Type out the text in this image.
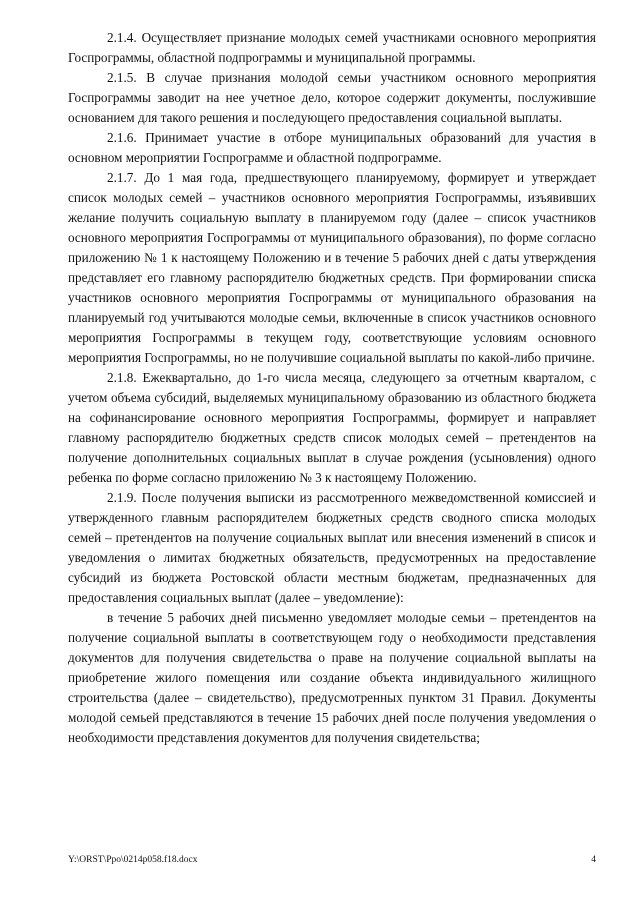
2.1.4. Осуществляет признание молодых семей участниками основного мероприятия Госпрограммы, областной подпрограммы и муниципальной программы.

2.1.5. В случае признания молодой семьи участником основного мероприятия Госпрограммы заводит на нее учетное дело, которое содержит документы, послужившие основанием для такого решения и последующего предоставления социальной выплаты.

2.1.6. Принимает участие в отборе муниципальных образований для участия в основном мероприятии Госпрограмме и областной подпрограмме.

2.1.7. До 1 мая года, предшествующего планируемому, формирует и утверждает список молодых семей – участников основного мероприятия Госпрограммы, изъявивших желание получить социальную выплату в планируемом году (далее – список участников основного мероприятия Госпрограммы от муниципального образования), по форме согласно приложению № 1 к настоящему Положению и в течение 5 рабочих дней с даты утверждения представляет его главному распорядителю бюджетных средств. При формировании списка участников основного мероприятия Госпрограммы от муниципального образования на планируемый год учитываются молодые семьи, включенные в список участников основного мероприятия Госпрограммы в текущем году, соответствующие условиям основного мероприятия Госпрограммы, но не получившие социальной выплаты по какой-либо причине.

2.1.8. Ежеквартально, до 1-го числа месяца, следующего за отчетным кварталом, с учетом объема субсидий, выделяемых муниципальному образованию из областного бюджета на софинансирование основного мероприятия Госпрограммы, формирует и направляет главному распорядителю бюджетных средств список молодых семей – претендентов на получение дополнительных социальных выплат в случае рождения (усыновления) одного ребенка по форме согласно приложению № 3 к настоящему Положению.

2.1.9. После получения выписки из рассмотренного межведомственной комиссией и утвержденного главным распорядителем бюджетных средств сводного списка молодых семей – претендентов на получение социальных выплат или внесения изменений в список и уведомления о лимитах бюджетных обязательств, предусмотренных на предоставление субсидий из бюджета Ростовской области местным бюджетам, предназначенных для предоставления социальных выплат (далее – уведомление):

в течение 5 рабочих дней письменно уведомляет молодые семьи – претендентов на получение социальной выплаты в соответствующем году о необходимости представления документов для получения свидетельства о праве на получение социальной выплаты на приобретение жилого помещения или создание объекта индивидуального жилищного строительства (далее – свидетельство), предусмотренных пунктом 31 Правил. Документы молодой семьей представляются в течение 15 рабочих дней после получения уведомления о необходимости представления документов для получения свидетельства;

Y:\ORST\Ppo\0214p058.f18.docx	4
